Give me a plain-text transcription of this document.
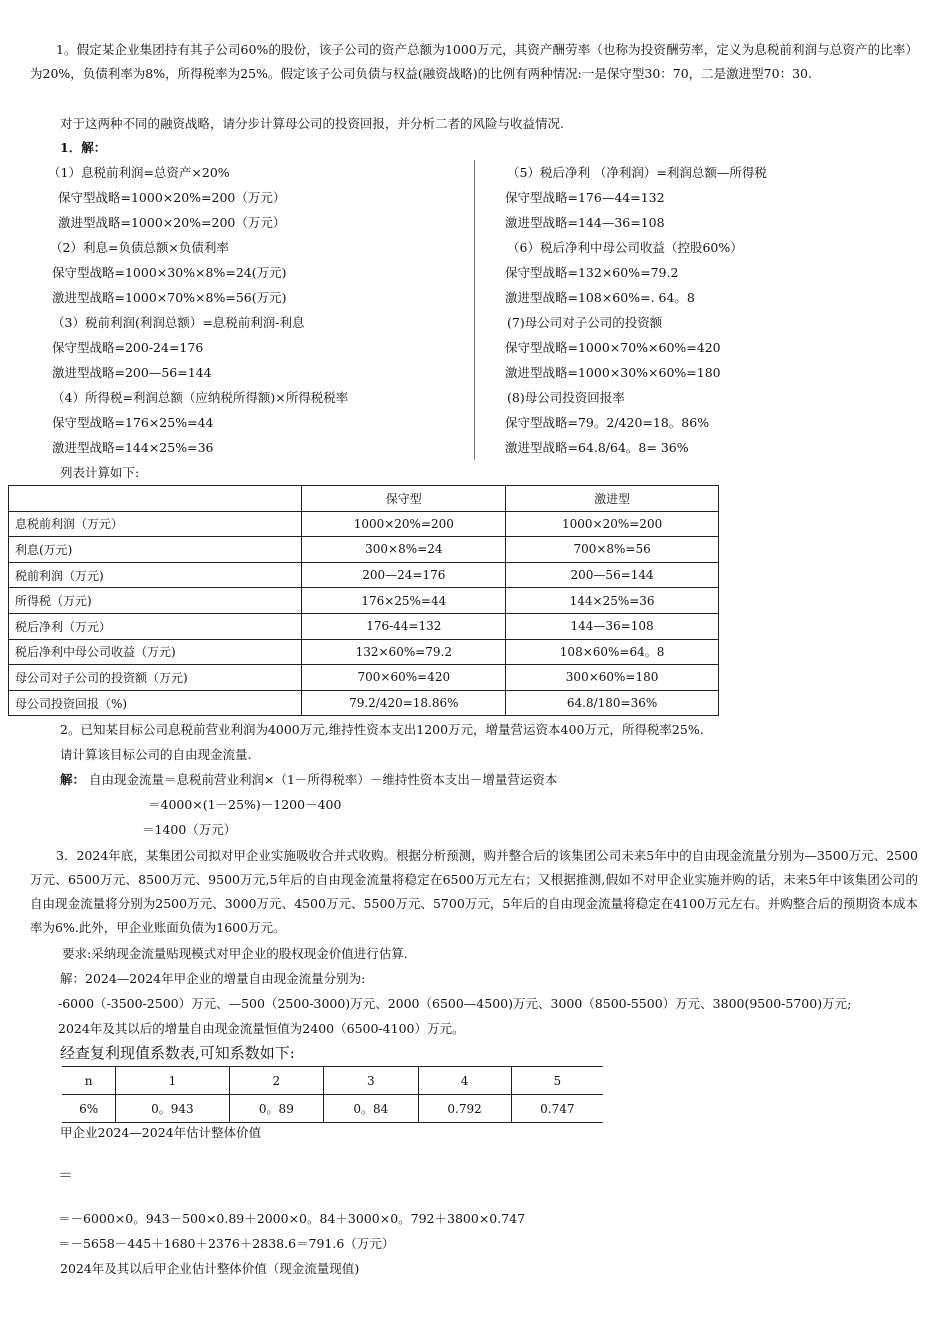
1。假定某企业集团持有其子公司60%的股份，该子公司的资产总额为1000万元，其资产酬劳率（也称为投资酬劳率，定义为息税前利润与总资产的比率）为20%，负债利率为8%，所得税率为25%。假定该子公司负债与权益(融资战略)的比例有两种情况:一是保守型30：70，二是激进型70：30.
对于这两种不同的融资战略，请分步计算母公司的投资回报，并分析二者的风险与收益情况.
1．解：
（1）息税前利润=总资产×20%
保守型战略=1000×20%=200（万元）
激进型战略=1000×20%=200（万元）
（2）利息=负债总额×负债利率
保守型战略=1000×30%×8%=24(万元)
激进型战略=1000×70%×8%=56(万元)
（3）税前利润(利润总额）=息税前利润-利息
保守型战略=200-24=176
激进型战略=200—56=144
（4）所得税=利润总额（应纳税所得额)×所得税税率
保守型战略=176×25%=44
激进型战略=144×25%=36
（5）税后净利 （净利润）=利润总额—所得税
保守型战略=176—44=132
激进型战略=144—36=108
（6）税后净利中母公司收益（控股60%）
保守型战略=132×60%=79.2
激进型战略=108×60%=. 64。8
(7)母公司对子公司的投资额
保守型战略=1000×70%×60%=420
激进型战略=1000×30%×60%=180
(8)母公司投资回报率
保守型战略=79。2/420=18。86%
激进型战略=64.8/64。8= 36%
列表计算如下:
	保守型	激进型
息税前利润（万元）	1000×20%=200	1000×20%=200
利息(万元)	300×8%=24	700×8%=56
税前利润（万元)	200—24=176	200—56=144
所得税（万元)	176×25%=44	144×25%=36
税后净利（万元）	176-44=132	144—36=108
税后净利中母公司收益（万元)	132×60%=79.2	108×60%=64。8
母公司对子公司的投资额（万元)	700×60%=420	300×60%=180
母公司投资回报（%)	79.2/420=18.86%	64.8/180=36%
2。已知某目标公司息税前营业利润为4000万元,维持性资本支出1200万元，增量营运资本400万元，所得税率25%.
请计算该目标公司的自由现金流量.
解： 自由现金流量＝息税前营业利润×（1－所得税率）－维持性资本支出－增量营运资本
＝4000×(1－25%)－1200－400
＝1400（万元）
3．2024年底，某集团公司拟对甲企业实施吸收合并式收购。根据分析预测，购并整合后的该集团公司未来5年中的自由现金流量分别为—3500万元、2500万元、6500万元、8500万元、9500万元,5年后的自由现金流量将稳定在6500万元左右；又根据推测,假如不对甲企业实施并购的话，未来5年中该集团公司的自由现金流量将分别为2500万元、3000万元、4500万元、5500万元、5700万元，5年后的自由现金流量将稳定在4100万元左右。并购整合后的预期资本成本率为6%.此外，甲企业账面负债为1600万元。
要求:采纳现金流量贴现模式对甲企业的股权现金价值进行估算.
解：2024—2024年甲企业的增量自由现金流量分别为:
-6000（-3500-2500）万元、—500（2500-3000)万元、2000（6500—4500)万元、3000（8500-5500）万元、3800(9500-5700)万元;
2024年及其以后的增量自由现金流量恒值为2400（6500-4100）万元。
经查复利现值系数表,可知系数如下:
n	1	2	3	4	5
6%	0。943	0。89	0。84	0.792	0.747
甲企业2024—2024年估计整体价值
＝
＝－6000×0。943－500×0.89＋2000×0。84＋3000×0。792＋3800×0.747
＝－5658－445＋1680＋2376＋2838.6＝791.6（万元）
2024年及其以后甲企业估计整体价值（现金流量现值)
